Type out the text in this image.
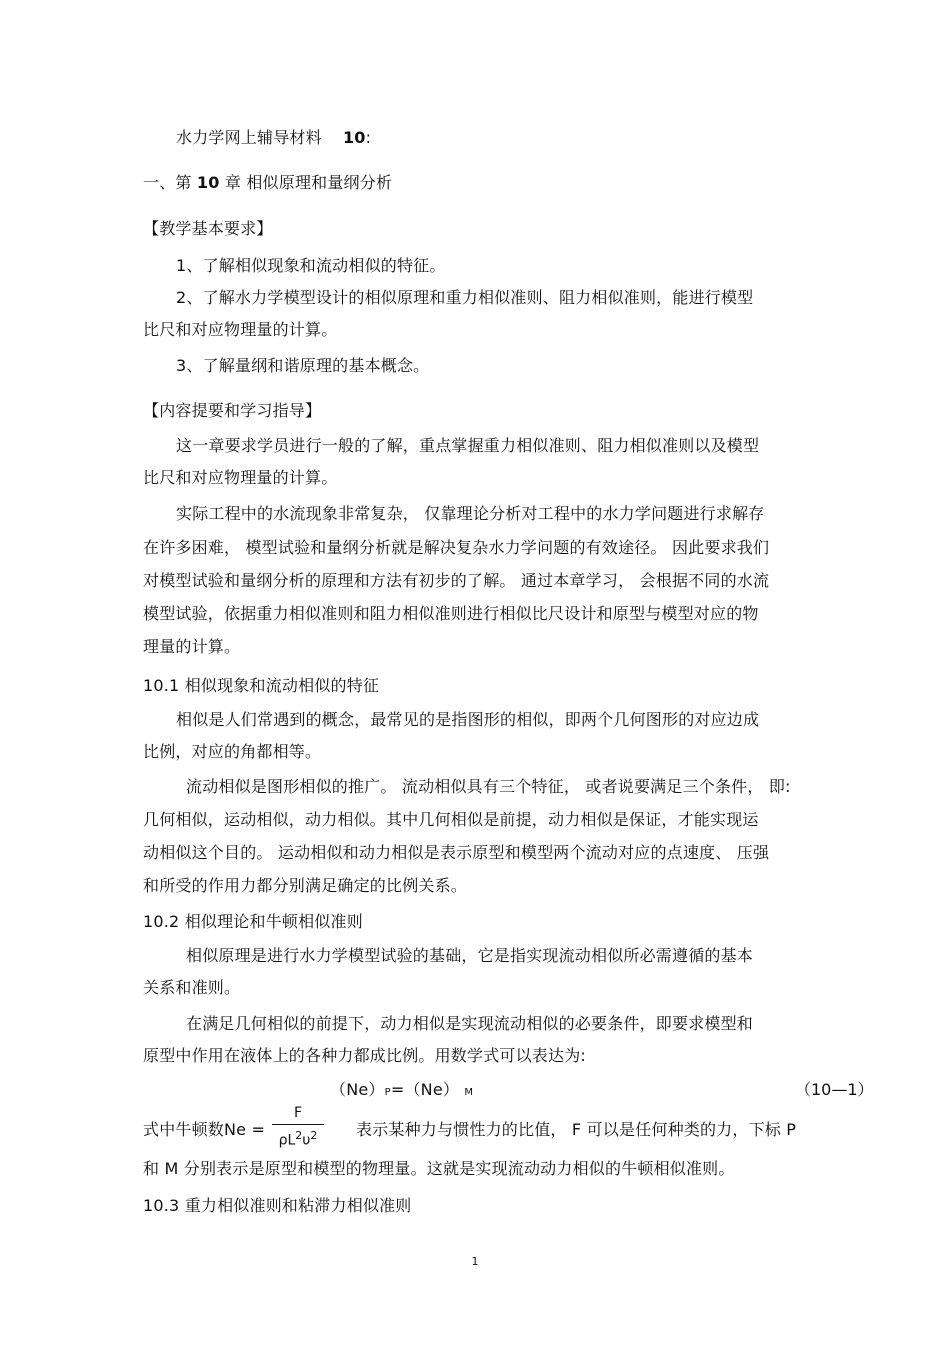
水力学网上辅导材料 10:
一、第 10 章 相似原理和量纲分析
【教学基本要求】
1、了解相似现象和流动相似的特征。
2、了解水力学模型设计的相似原理和重力相似准则、阻力相似准则，能进行模型
比尺和对应物理量的计算。
3、了解量纲和谐原理的基本概念。
【内容提要和学习指导】
这一章要求学员进行一般的了解，重点掌握重力相似准则、阻力相似准则以及模型
比尺和对应物理量的计算。
实际工程中的水流现象非常复杂， 仅靠理论分析对工程中的水力学问题进行求解存
在许多困难， 模型试验和量纲分析就是解决复杂水力学问题的有效途径。 因此要求我们
对模型试验和量纲分析的原理和方法有初步的了解。 通过本章学习， 会根据不同的水流
模型试验，依据重力相似准则和阻力相似准则进行相似比尺设计和原型与模型对应的物
理量的计算。
10.1 相似现象和流动相似的特征
相似是人们常遇到的概念，最常见的是指图形的相似，即两个几何图形的对应边成
比例，对应的角都相等。
流动相似是图形相似的推广。 流动相似具有三个特征， 或者说要满足三个条件， 即:
几何相似，运动相似，动力相似。其中几何相似是前提，动力相似是保证，才能实现运
动相似这个目的。 运动相似和动力相似是表示原型和模型两个流动对应的点速度、 压强
和所受的作用力都分别满足确定的比例关系。
10.2 相似理论和牛顿相似准则
相似原理是进行水力学模型试验的基础，它是指实现流动相似所必需遵循的基本
关系和准则。
在满足几何相似的前提下，动力相似是实现流动相似的必要条件，即要求模型和
原型中作用在液体上的各种力都成比例。用数学式可以表达为:
（Ne）P=（Ne） M	（10—1）
式中牛顿数Ne =
F
$\rho L^2\upsilon^2$	表示某种力与惯性力的比值， F 可以是任何种类的力，下标 P
和 M 分别表示是原型和模型的物理量。这就是实现流动动力相似的牛顿相似准则。
10.3 重力相似准则和粘滞力相似准则
1
